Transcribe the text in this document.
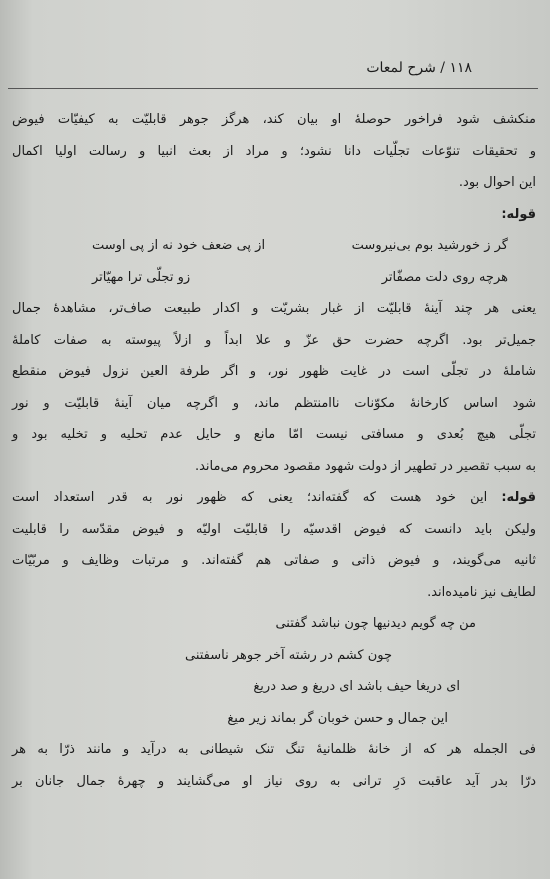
۱۱۸ / شرح لمعات
منکشف شود فراخور حوصلهٔ او بیان کند، هرگز جوهر قابلیّت به کیفیّات فیوض
و تحقیقات تنوّعات تجلّیات دانا نشود؛ و مراد از بعث انبیا و رسالت اولیا اکمال
این احوال بود.
قوله:
گر ز خورشید بوم بی‌نیروست
از پی ضعف خود نه از پی اوست
هرچه روی دلت مصفّاتر
زو تجلّی ترا مهیّاتر
یعنی هر چند آینهٔ قابلیّت از غبار بشریّت و اکدار طبیعت صاف‌تر، مشاهدهٔ جمال
جمیل‌تر بود. اگرچه حضرت حق عزّ و علا ابداً و ازلاً پیوسته به صفات کاملهٔ
شاملهٔ در تجلّی است در غایت ظهور نور، و اگر طرفة العین نزول فیوض منقطع
شود اساس کارخانهٔ مکوّنات ناامنتظم ماند، و اگرچه میان آینهٔ قابلیّت و نور
تجلّی هیچ بُعدی و مسافتی نیست امّا مانع و حایل عدم تحلیه و تخلیه بود و
به سبب تقصیر در تطهیر از دولت شهود مقصود محروم می‌ماند.
قوله: این خود هست که گفته‌اند؛ یعنی که ظهور نور به قدر استعداد است
ولیکن باید دانست که فیوض اقدسیّه را قابلیّت اولیّه و فیوض مقدّسه را قابلیت
ثانیه می‌گویند، و فیوض ذاتی و صفاتی هم گفته‌اند. و مرتبات وظایف و مربّیّات
لطایف نیز نامیده‌اند.
من چه گویم دیدنیها چون نباشد گفتنی
چون کشم در رشته آخر جوهر ناسفتنی
ای دریغا حیف باشد ای دریغ و صد دریغ
این جمال و حسن خوبان گر بماند زیر میغ
فی الجمله هر که از خانهٔ ظلمانیهٔ تنگ تنک شیطانی به درآید و مانند ذرّا به هر
درّا بدر آید عاقبت دَرِ ترانی به روی نیاز او می‌گشایند و چهرهٔ جمال جانان بر
